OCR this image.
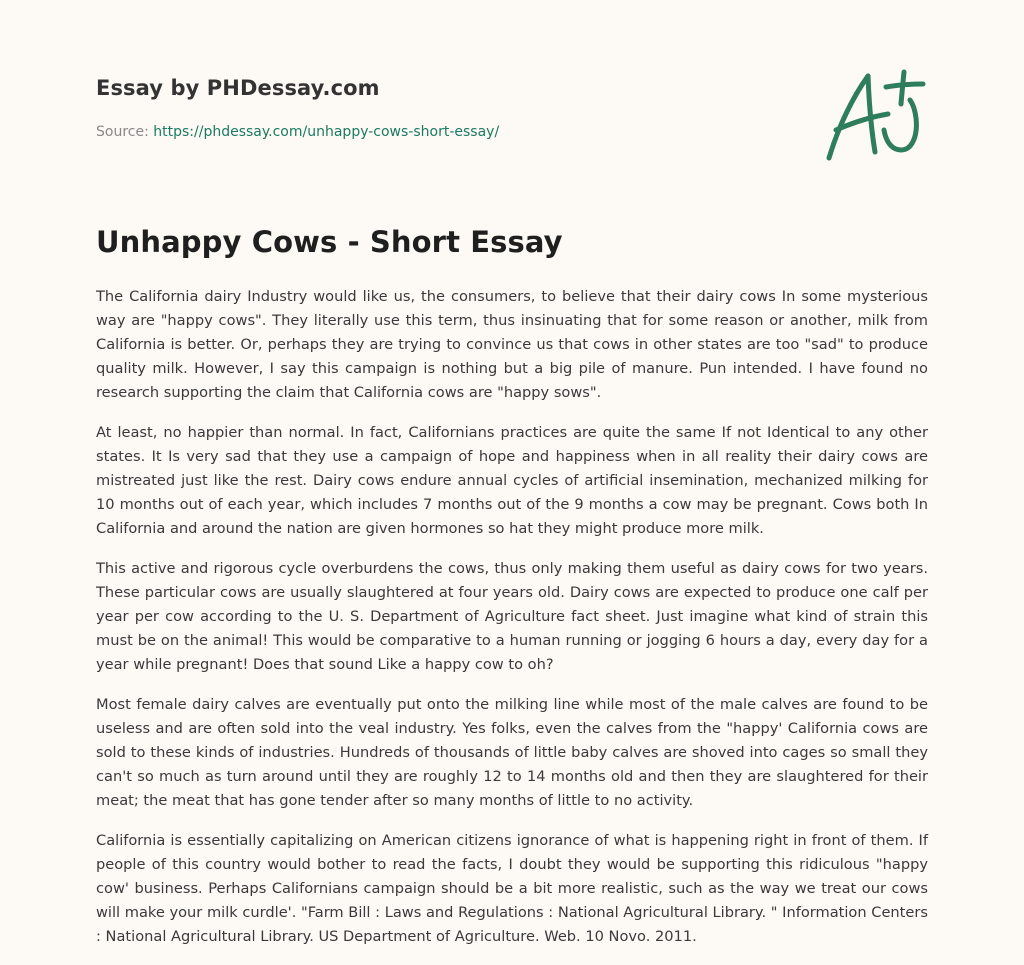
Essay by PHDessay.com
Source: https://phdessay.com/unhappy-cows-short-essay/
Unhappy Cows - Short Essay

The California dairy Industry would like us, the consumers, to believe that their dairy cows In some mysterious way are "happy cows". They literally use this term, thus insinuating that for some reason or another, milk from California is better. Or, perhaps they are trying to convince us that cows in other states are too "sad" to produce quality milk. However, I say this campaign is nothing but a big pile of manure. Pun intended. I have found no research supporting the claim that California cows are "happy sows".

At least, no happier than normal. In fact, Californians practices are quite the same If not Identical to any other states. It Is very sad that they use a campaign of hope and happiness when in all reality their dairy cows are mistreated just like the rest. Dairy cows endure annual cycles of artificial insemination, mechanized milking for 10 months out of each year, which includes 7 months out of the 9 months a cow may be pregnant. Cows both In California and around the nation are given hormones so hat they might produce more milk.

This active and rigorous cycle overburdens the cows, thus only making them useful as dairy cows for two years. These particular cows are usually slaughtered at four years old. Dairy cows are expected to produce one calf per year per cow according to the U. S. Department of Agriculture fact sheet. Just imagine what kind of strain this must be on the animal! This would be comparative to a human running or jogging 6 hours a day, every day for a year while pregnant! Does that sound Like a happy cow to oh?

Most female dairy calves are eventually put onto the milking line while most of the male calves are found to be useless and are often sold into the veal industry. Yes folks, even the calves from the "happy' California cows are sold to these kinds of industries. Hundreds of thousands of little baby calves are shoved into cages so small they can't so much as turn around until they are roughly 12 to 14 months old and then they are slaughtered for their meat; the meat that has gone tender after so many months of little to no activity.

California is essentially capitalizing on American citizens ignorance of what is happening right in front of them. If people of this country would bother to read the facts, I doubt they would be supporting this ridiculous "happy cow' business. Perhaps Californians campaign should be a bit more realistic, such as the way we treat our cows will make your milk curdle'. "Farm Bill : Laws and Regulations : National Agricultural Library. " Information Centers : National Agricultural Library. US Department of Agriculture. Web. 10 Novo. 2011.
